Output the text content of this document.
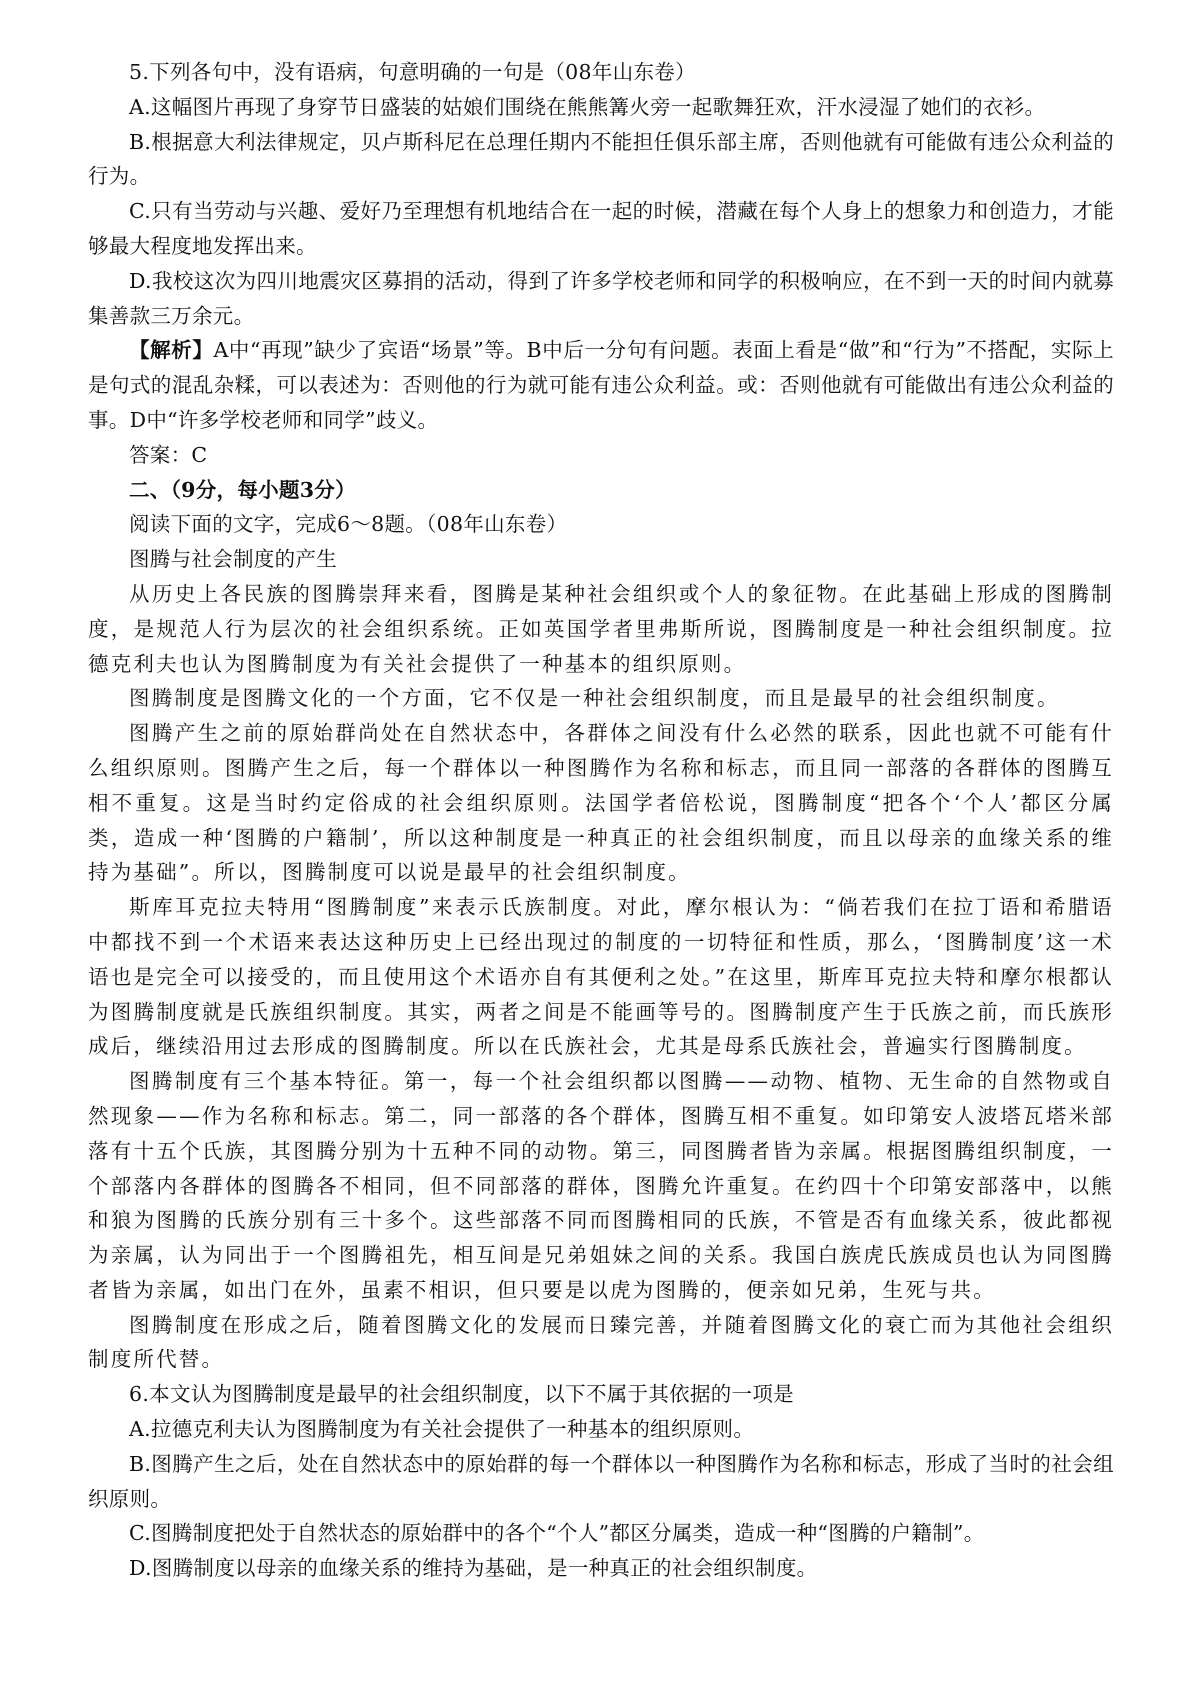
5.下列各句中，没有语病，句意明确的一句是（08年山东卷）

A.这幅图片再现了身穿节日盛装的姑娘们围绕在熊熊篝火旁一起歌舞狂欢，汗水浸湿了她们的衣衫。

B.根据意大利法律规定，贝卢斯科尼在总理任期内不能担任俱乐部主席，否则他就有可能做有违公众利益的行为。

C.只有当劳动与兴趣、爱好乃至理想有机地结合在一起的时候，潜藏在每个人身上的想象力和创造力，才能够最大程度地发挥出来。

D.我校这次为四川地震灾区募捐的活动，得到了许多学校老师和同学的积极响应，在不到一天的时间内就募集善款三万余元。

【解析】A中“再现”缺少了宾语“场景”等。B中后一分句有问题。表面上看是“做”和“行为”不搭配，实际上是句式的混乱杂糅，可以表述为：否则他的行为就可能有违公众利益。或：否则他就有可能做出有违公众利益的事。D中“许多学校老师和同学”歧义。

答案：C

二、（9分，每小题3分）

阅读下面的文字，完成6～8题。（08年山东卷）

图腾与社会制度的产生

从历史上各民族的图腾崇拜来看，图腾是某种社会组织或个人的象征物。在此基础上形成的图腾制度，是规范人行为层次的社会组织系统。正如英国学者里弗斯所说，图腾制度是一种社会组织制度。拉德克利夫也认为图腾制度为有关社会提供了一种基本的组织原则。

图腾制度是图腾文化的一个方面，它不仅是一种社会组织制度，而且是最早的社会组织制度。

图腾产生之前的原始群尚处在自然状态中，各群体之间没有什么必然的联系，因此也就不可能有什么组织原则。图腾产生之后，每一个群体以一种图腾作为名称和标志，而且同一部落的各群体的图腾互相不重复。这是当时约定俗成的社会组织原则。法国学者倍松说，图腾制度“把各个‘个人’都区分属类，造成一种‘图腾的户籍制’，所以这种制度是一种真正的社会组织制度，而且以母亲的血缘关系的维持为基础”。所以，图腾制度可以说是最早的社会组织制度。

斯库耳克拉夫特用“图腾制度”来表示氏族制度。对此，摩尔根认为：“倘若我们在拉丁语和希腊语中都找不到一个术语来表达这种历史上已经出现过的制度的一切特征和性质，那么，‘图腾制度’这一术语也是完全可以接受的，而且使用这个术语亦自有其便利之处。”在这里，斯库耳克拉夫特和摩尔根都认为图腾制度就是氏族组织制度。其实，两者之间是不能画等号的。图腾制度产生于氏族之前，而氏族形成后，继续沿用过去形成的图腾制度。所以在氏族社会，尤其是母系氏族社会，普遍实行图腾制度。

图腾制度有三个基本特征。第一，每一个社会组织都以图腾——动物、植物、无生命的自然物或自然现象——作为名称和标志。第二，同一部落的各个群体，图腾互相不重复。如印第安人波塔瓦塔米部落有十五个氏族，其图腾分别为十五种不同的动物。第三，同图腾者皆为亲属。根据图腾组织制度，一个部落内各群体的图腾各不相同，但不同部落的群体，图腾允许重复。在约四十个印第安部落中，以熊和狼为图腾的氏族分别有三十多个。这些部落不同而图腾相同的氏族，不管是否有血缘关系，彼此都视为亲属，认为同出于一个图腾祖先，相互间是兄弟姐妹之间的关系。我国白族虎氏族成员也认为同图腾者皆为亲属，如出门在外，虽素不相识，但只要是以虎为图腾的，便亲如兄弟，生死与共。

图腾制度在形成之后，随着图腾文化的发展而日臻完善，并随着图腾文化的衰亡而为其他社会组织制度所代替。

6.本文认为图腾制度是最早的社会组织制度，以下不属于其依据的一项是

A.拉德克利夫认为图腾制度为有关社会提供了一种基本的组织原则。

B.图腾产生之后，处在自然状态中的原始群的每一个群体以一种图腾作为名称和标志，形成了当时的社会组织原则。

C.图腾制度把处于自然状态的原始群中的各个“个人”都区分属类，造成一种“图腾的户籍制”。

D.图腾制度以母亲的血缘关系的维持为基础，是一种真正的社会组织制度。
